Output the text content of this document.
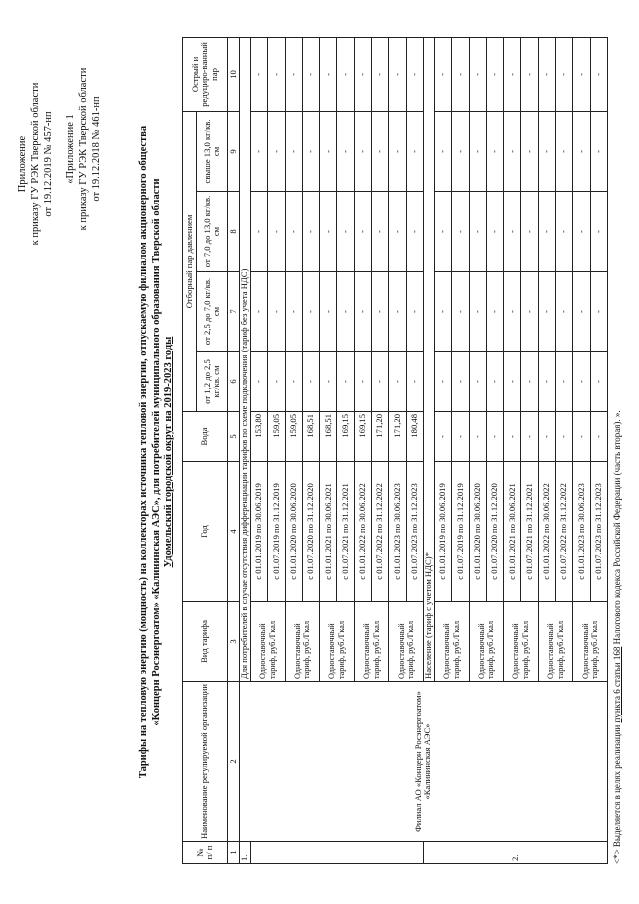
Приложение к приказу ГУ РЭК Тверской области от 19.12.2019 № 457-нп «Приложение 1 к приказу ГУ РЭК Тверской области от 19.12.2018 № 461-нп	Тарифы на тепловую энергию (мощность) на коллекторах источника тепловой энергии, отпускаемую филиалом акционерного общества «Концерн Росэнергоатом» «Калининская АЭС», для потребителей муниципального образования Тверской области Удомельский городской округ на 2019-2023 годы
№ п/ п	Наименование регулируемой организации	Вид тарифа	Год	Вода	Отборный пар давлением				Острый и редуциро-ванный пар
					от 1,2 до 2,5 кг/кв. см	от 2,5 до 7,0 кг/кв. см	от 7,0 до 13,0 кг/кв. см	свыше 13,0 кг/кв. см	
1	2	3	4	5	6	7	8	9	10
1.	Филиал АО «Концерн Росэнергоатом» «Калининская АЭС»	Для потребителей в случае отсутствия дифференциации тарифов по схеме подключения (тариф без учета НДС)							
		Одноставочный тариф, руб./Гкал	с 01.01.2019 по 30.06.2019	153,80	-	-	-	-	-
			с 01.07.2019 по 31.12.2019	159,05	-	-	-	-	-
		Одноставочный тариф, руб./Гкал	с 01.01.2020 по 30.06.2020	159,05	-	-	-	-	-
			с 01.07.2020 по 31.12.2020	168,51	-	-	-	-	-
		Одноставочный тариф, руб./Гкал	с 01.01.2021 по 30.06.2021	168,51	-	-	-	-	-
			с 01.07.2021 по 31.12.2021	169,15	-	-	-	-	-
		Одноставочный тариф, руб./Гкал	с 01.01.2022 по 30.06.2022	169,15	-	-	-	-	-
			с 01.07.2022 по 31.12.2022	171,20	-	-	-	-	-
		Одноставочный тариф, руб./Гкал	с 01.01.2023 по 30.06.2023	171,20	-	-	-	-	-
			с 01.07.2023 по 31.12.2023	180,48	-	-	-	-	-
2.		Население (тариф с учетом НДС)*							
		Одноставочный тариф, руб./Гкал	с 01.01.2019 по 30.06.2019	-	-	-	-	-	-
			с 01.07.2019 по 31.12.2019	-	-	-	-	-	-
		Одноставочный тариф, руб./Гкал	с 01.01.2020 по 30.06.2020	-	-	-	-	-	-
			с 01.07.2020 по 31.12.2020	-	-	-	-	-	-
		Одноставочный тариф, руб./Гкал	с 01.01.2021 по 30.06.2021	-	-	-	-	-	-
			с 01.07.2021 по 31.12.2021	-	-	-	-	-	-
		Одноставочный тариф, руб./Гкал	с 01.01.2022 по 30.06.2022	-	-	-	-	-	-
			с 01.07.2022 по 31.12.2022	-	-	-	-	-	-
		Одноставочный тариф, руб./Гкал	с 01.01.2023 по 30.06.2023	-	-	-	-	-	-
			с 01.07.2023 по 31.12.2023	-	-	-	-	-	-
<*> Выделяется в целях реализации пункта 6 статьи 168 Налогового кодекса Российской Федерации (часть вторая). ».
